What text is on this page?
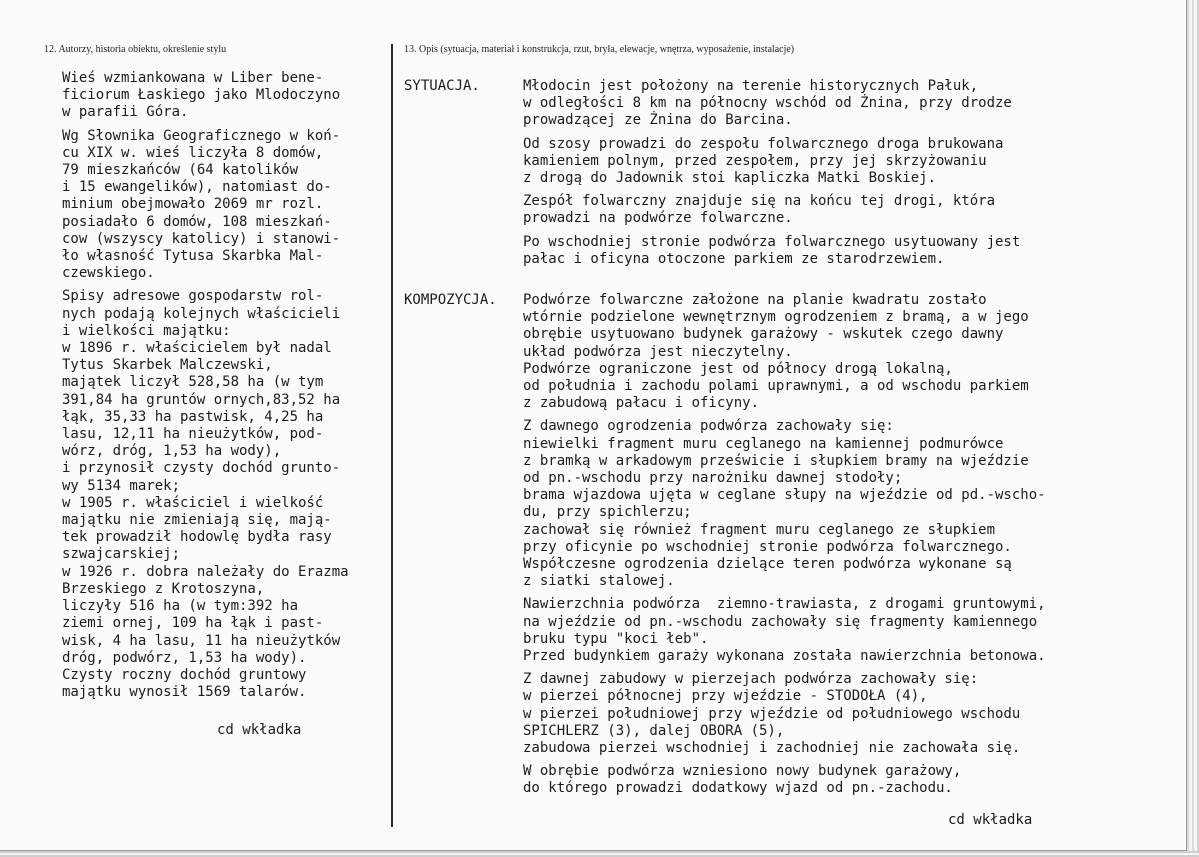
12. Autorzy, historia obiektu, określenie stylu	13. Opis (sytuacja, materiał i konstrukcja, rzut, bryła, elewacje, wnętrza, wyposażenie, instalacje)

Wieś wzmiankowana w Liber bene-
ficiorum Łaskiego jako Mlodoczyno
w parafii Góra.

Wg Słownika Geograficznego w koń-
cu XIX w. wieś liczyła 8 domów,
79 mieszkańców (64 katolików
i 15 ewangelików), natomiast do-
minium obejmowało 2069 mr rozl.
posiadało 6 domów, 108 mieszkań-
cow (wszyscy katolicy) i stanowi-
ło własność Tytusa Skarbka Mal-
czewskiego.

Spisy adresowe gospodarstw rol-
nych podają kolejnych właścicieli
i wielkości majątku:
w 1896 r. właścicielem był nadal
Tytus Skarbek Malczewski,
majątek liczył 528,58 ha (w tym
391,84 ha gruntów ornych,83,52 ha
łąk, 35,33 ha pastwisk, 4,25 ha
lasu, 12,11 ha nieużytków, pod-
wórz, dróg, 1,53 ha wody),
i przynosił czysty dochód grunto-
wy 5134 marek;
w 1905 r. właściciel i wielkość
majątku nie zmieniają się, mają-
tek prowadził hodowlę bydła rasy
szwajcarskiej;
w 1926 r. dobra należały do Erazma
Brzeskiego z Krotoszyna,
liczyły 516 ha (w tym:392 ha
ziemi ornej, 109 ha łąk i past-
wisk, 4 ha lasu, 11 ha nieużytków
dróg, podwórz, 1,53 ha wody).
Czysty roczny dochód gruntowy
majątku wynosił 1569 talarów.

cd wkładka

SYTUACJA.	Młodocin jest położony na terenie historycznych Pałuk,
w odległości 8 km na północny wschód od Żnina, przy drodze
prowadzącej ze Żnina do Barcina.

Od szosy prowadzi do zespołu folwarcznego droga brukowana
kamieniem polnym, przed zespołem, przy jej skrzyżowaniu
z drogą do Jadownik stoi kapliczka Matki Boskiej.

Zespół folwarczny znajduje się na końcu tej drogi, która
prowadzi na podwórze folwarczne.

Po wschodniej stronie podwórza folwarcznego usytuowany jest
pałac i oficyna otoczone parkiem ze starodrzewiem.

KOMPOZYCJA. Podwórze folwarczne założone na planie kwadratu zostało
wtórnie podzielone wewnętrznym ogrodzeniem z bramą, a w jego
obrębie usytuowano budynek garażowy - wskutek czego dawny
układ podwórza jest nieczytelny.
Podwórze ograniczone jest od północy drogą lokalną,
od południa i zachodu polami uprawnymi, a od wschodu parkiem
z zabudową pałacu i oficyny.

Z dawnego ogrodzenia podwórza zachowały się:
niewielki fragment muru ceglanego na kamiennej podmurówce
z bramką w arkadowym prześwicie i słupkiem bramy na wjeździe
od pn.-wschodu przy narożniku dawnej stodoły;
brama wjazdowa ujęta w ceglane słupy na wjeździe od pd.-wscho-
du, przy spichlerzu;
zachował się również fragment muru ceglanego ze słupkiem
przy oficynie po wschodniej stronie podwórza folwarcznego.
Współczesne ogrodzenia dzielące teren podwórza wykonane są
z siatki stalowej.

Nawierzchnia podwórza  ziemno-trawiasta, z drogami gruntowymi,
na wjeździe od pn.-wschodu zachowały się fragmenty kamiennego
bruku typu "koci łeb".
Przed budynkiem garaży wykonana została nawierzchnia betonowa.

Z dawnej zabudowy w pierzejach podwórza zachowały się:
w pierzei północnej przy wjeździe - STODOŁA (4),
w pierzei południowej przy wjeździe od południowego wschodu
SPICHLERZ (3), dalej OBORA (5),
zabudowa pierzei wschodniej i zachodniej nie zachowała się.

W obrębie podwórza wzniesiono nowy budynek garażowy,
do którego prowadzi dodatkowy wjazd od pn.-zachodu.

cd wkładka
